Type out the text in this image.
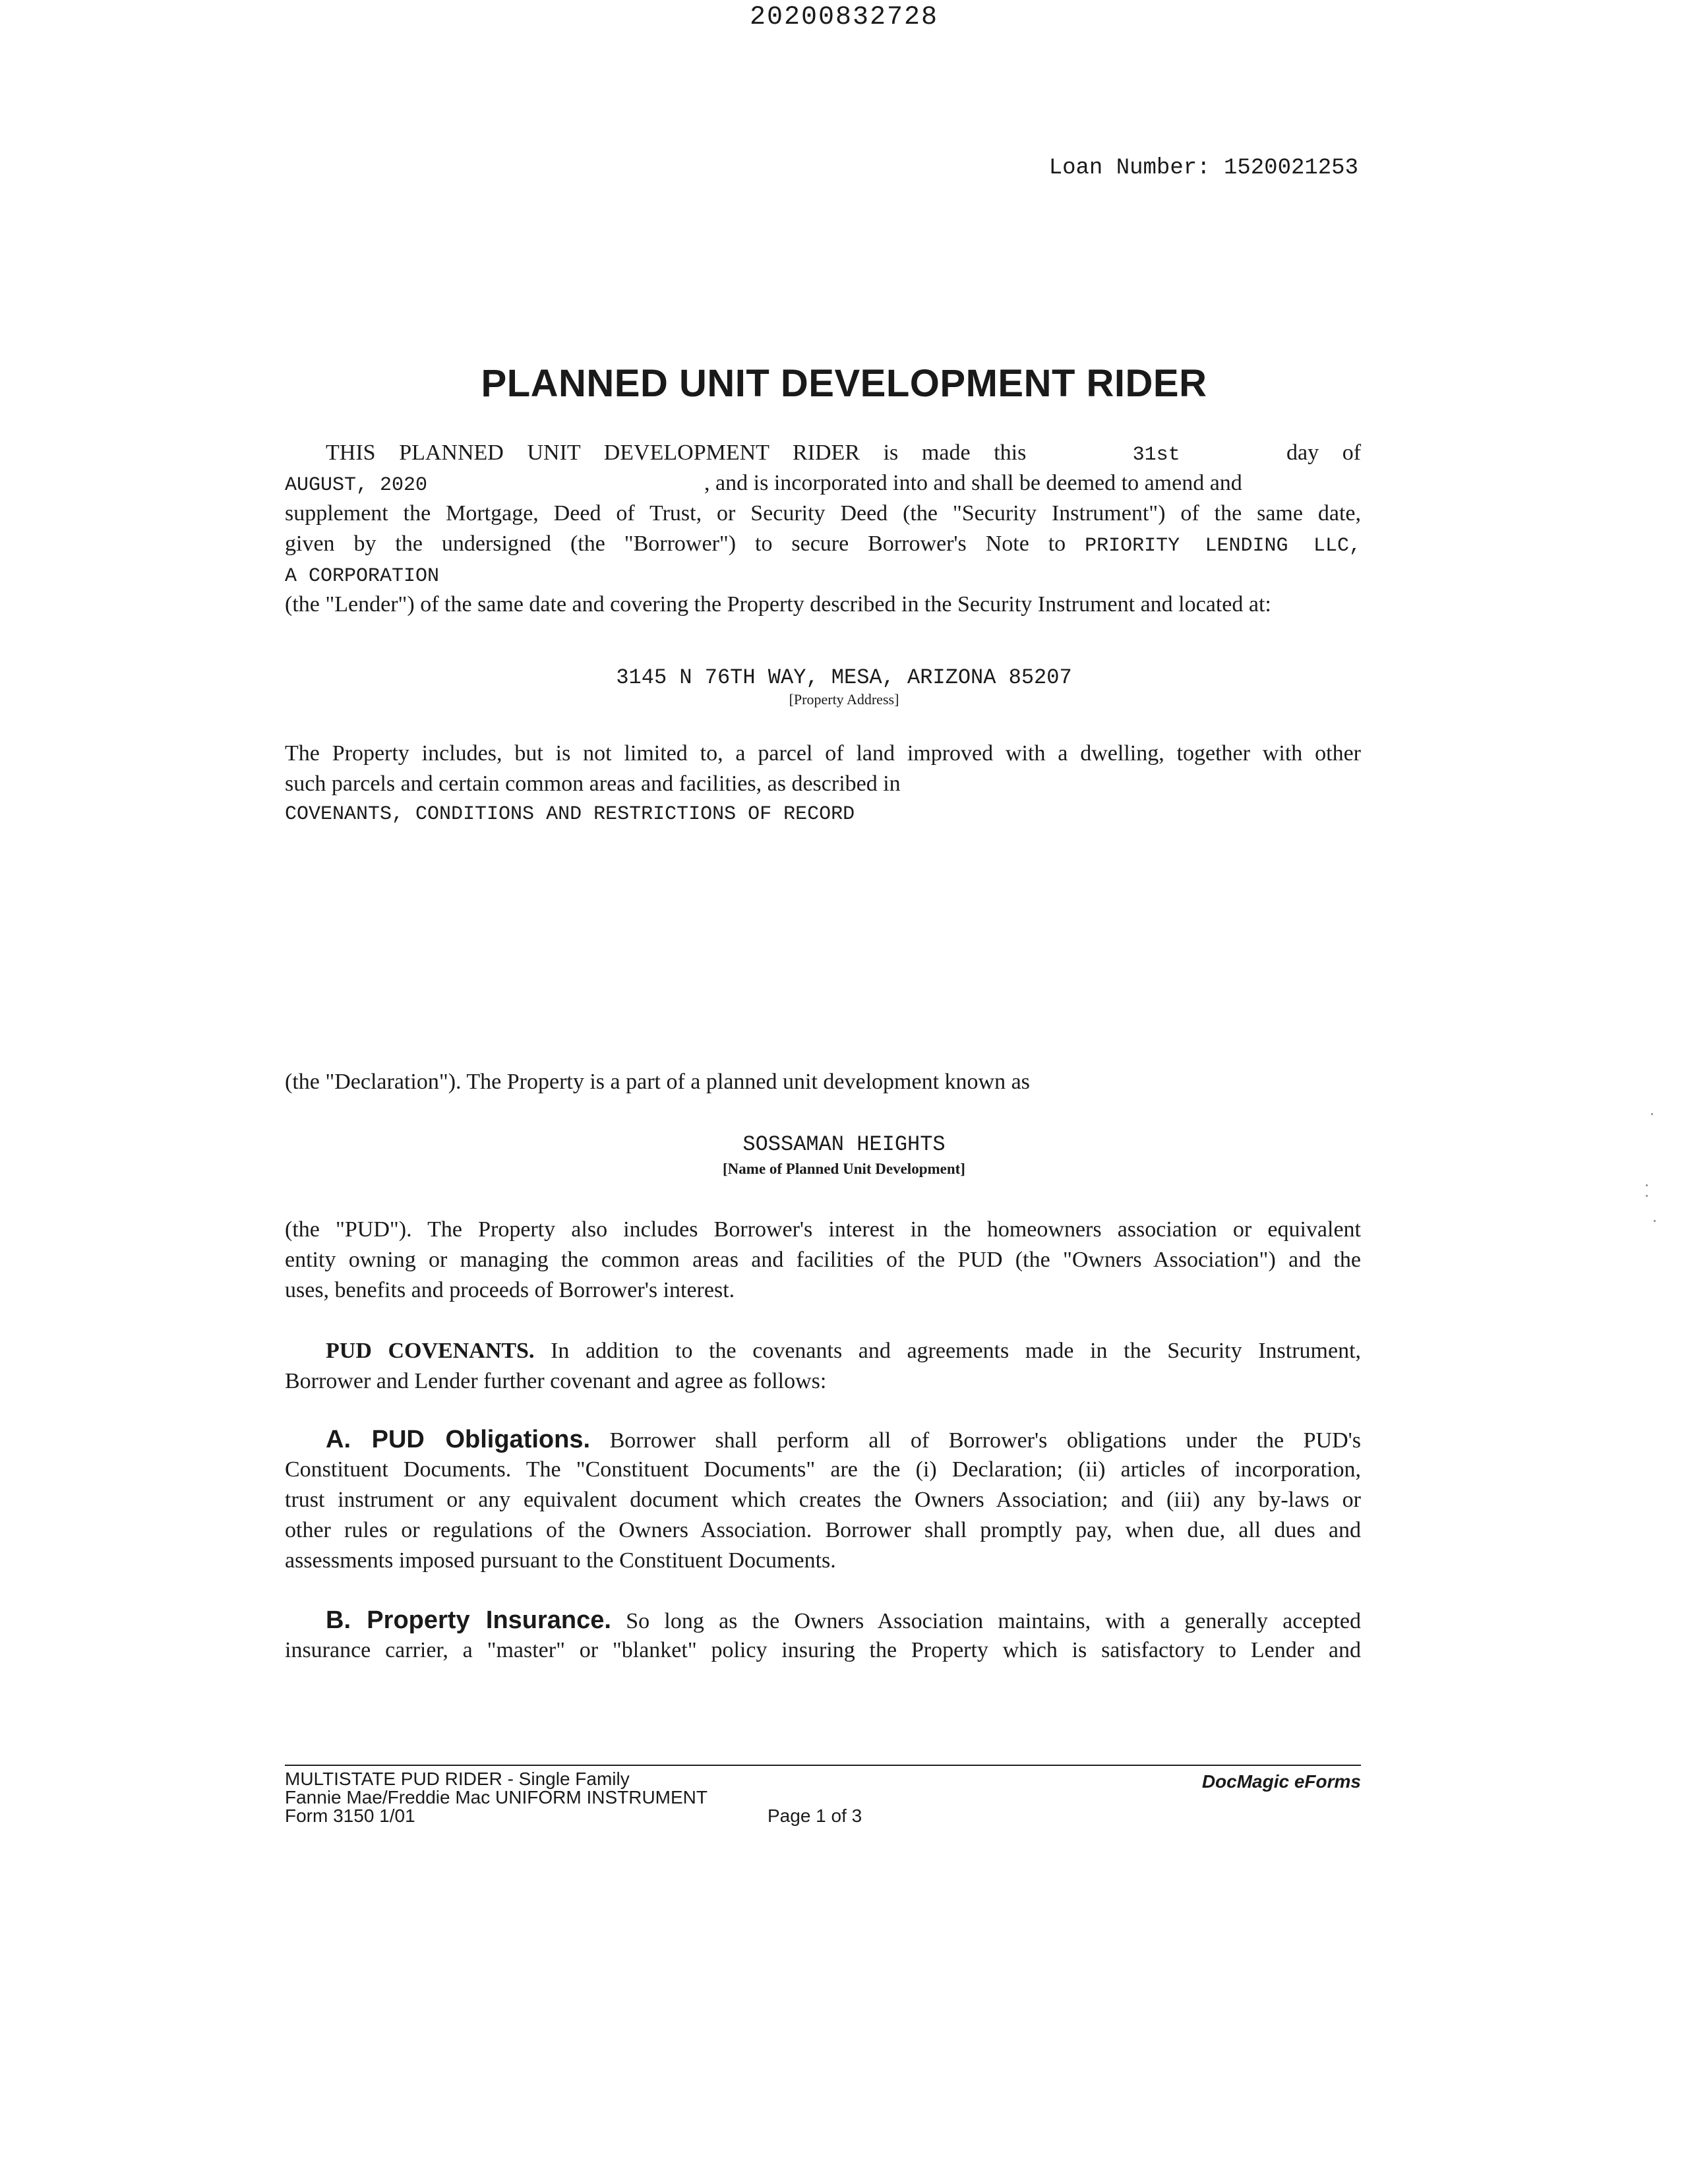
20200832728
Loan Number: 1520021253
PLANNED UNIT DEVELOPMENT RIDER
THIS PLANNED UNIT DEVELOPMENT RIDER is made this	31st	day of
AUGUST, 2020	, and is incorporated into and shall be deemed to amend and
supplement the Mortgage, Deed of Trust, or Security Deed (the "Security Instrument") of the same date,
given by the undersigned (the "Borrower") to secure Borrower's Note to PRIORITY LENDING LLC,
A CORPORATION
(the "Lender") of the same date and covering the Property described in the Security Instrument and located at:
3145 N 76TH WAY, MESA, ARIZONA 85207
[Property Address]
The Property includes, but is not limited to, a parcel of land improved with a dwelling, together with other
such parcels and certain common areas and facilities, as described in
COVENANTS, CONDITIONS AND RESTRICTIONS OF RECORD
(the "Declaration"). The Property is a part of a planned unit development known as
SOSSAMAN HEIGHTS
[Name of Planned Unit Development]
(the "PUD"). The Property also includes Borrower's interest in the homeowners association or equivalent
entity owning or managing the common areas and facilities of the PUD (the "Owners Association") and the
uses, benefits and proceeds of Borrower's interest.
PUD COVENANTS. In addition to the covenants and agreements made in the Security Instrument,
Borrower and Lender further covenant and agree as follows:
A. PUD Obligations. Borrower shall perform all of Borrower's obligations under the PUD's
Constituent Documents. The "Constituent Documents" are the (i) Declaration; (ii) articles of incorporation,
trust instrument or any equivalent document which creates the Owners Association; and (iii) any by-laws or
other rules or regulations of the Owners Association. Borrower shall promptly pay, when due, all dues and
assessments imposed pursuant to the Constituent Documents.
B. Property Insurance. So long as the Owners Association maintains, with a generally accepted
insurance carrier, a "master" or "blanket" policy insuring the Property which is satisfactory to Lender and
MULTISTATE PUD RIDER - Single Family
Fannie Mae/Freddie Mac UNIFORM INSTRUMENT
Form 3150 1/01	Page 1 of 3
DocMagic eForms
